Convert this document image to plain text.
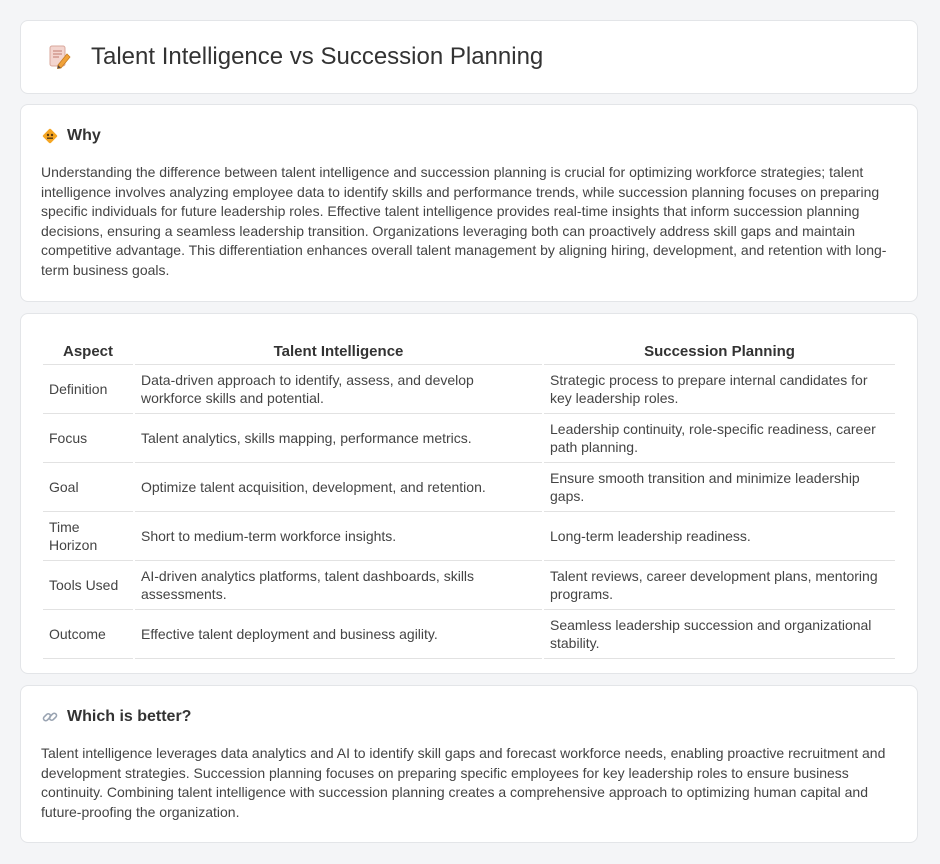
Talent Intelligence vs Succession Planning
Why

Understanding the difference between talent intelligence and succession planning is crucial for optimizing workforce strategies; talent intelligence involves analyzing employee data to identify skills and performance trends, while succession planning focuses on preparing specific individuals for future leadership roles. Effective talent intelligence provides real-time insights that inform succession planning decisions, ensuring a seamless leadership transition. Organizations leveraging both can proactively address skill gaps and maintain competitive advantage. This differentiation enhances overall talent management by aligning hiring, development, and retention with long-term business goals.

Aspect	Talent Intelligence	Succession Planning
Definition	Data-driven approach to identify, assess, and develop workforce skills and potential.	Strategic process to prepare internal candidates for key leadership roles.
Focus	Talent analytics, skills mapping, performance metrics.	Leadership continuity, role-specific readiness, career path planning.
Goal	Optimize talent acquisition, development, and retention.	Ensure smooth transition and minimize leadership gaps.
Time Horizon	Short to medium-term workforce insights.	Long-term leadership readiness.
Tools Used	AI-driven analytics platforms, talent dashboards, skills assessments.	Talent reviews, career development plans, mentoring programs.
Outcome	Effective talent deployment and business agility.	Seamless leadership succession and organizational stability.
Which is better?

Talent intelligence leverages data analytics and AI to identify skill gaps and forecast workforce needs, enabling proactive recruitment and development strategies. Succession planning focuses on preparing specific employees for key leadership roles to ensure business continuity. Combining talent intelligence with succession planning creates a comprehensive approach to optimizing human capital and future-proofing the organization.
